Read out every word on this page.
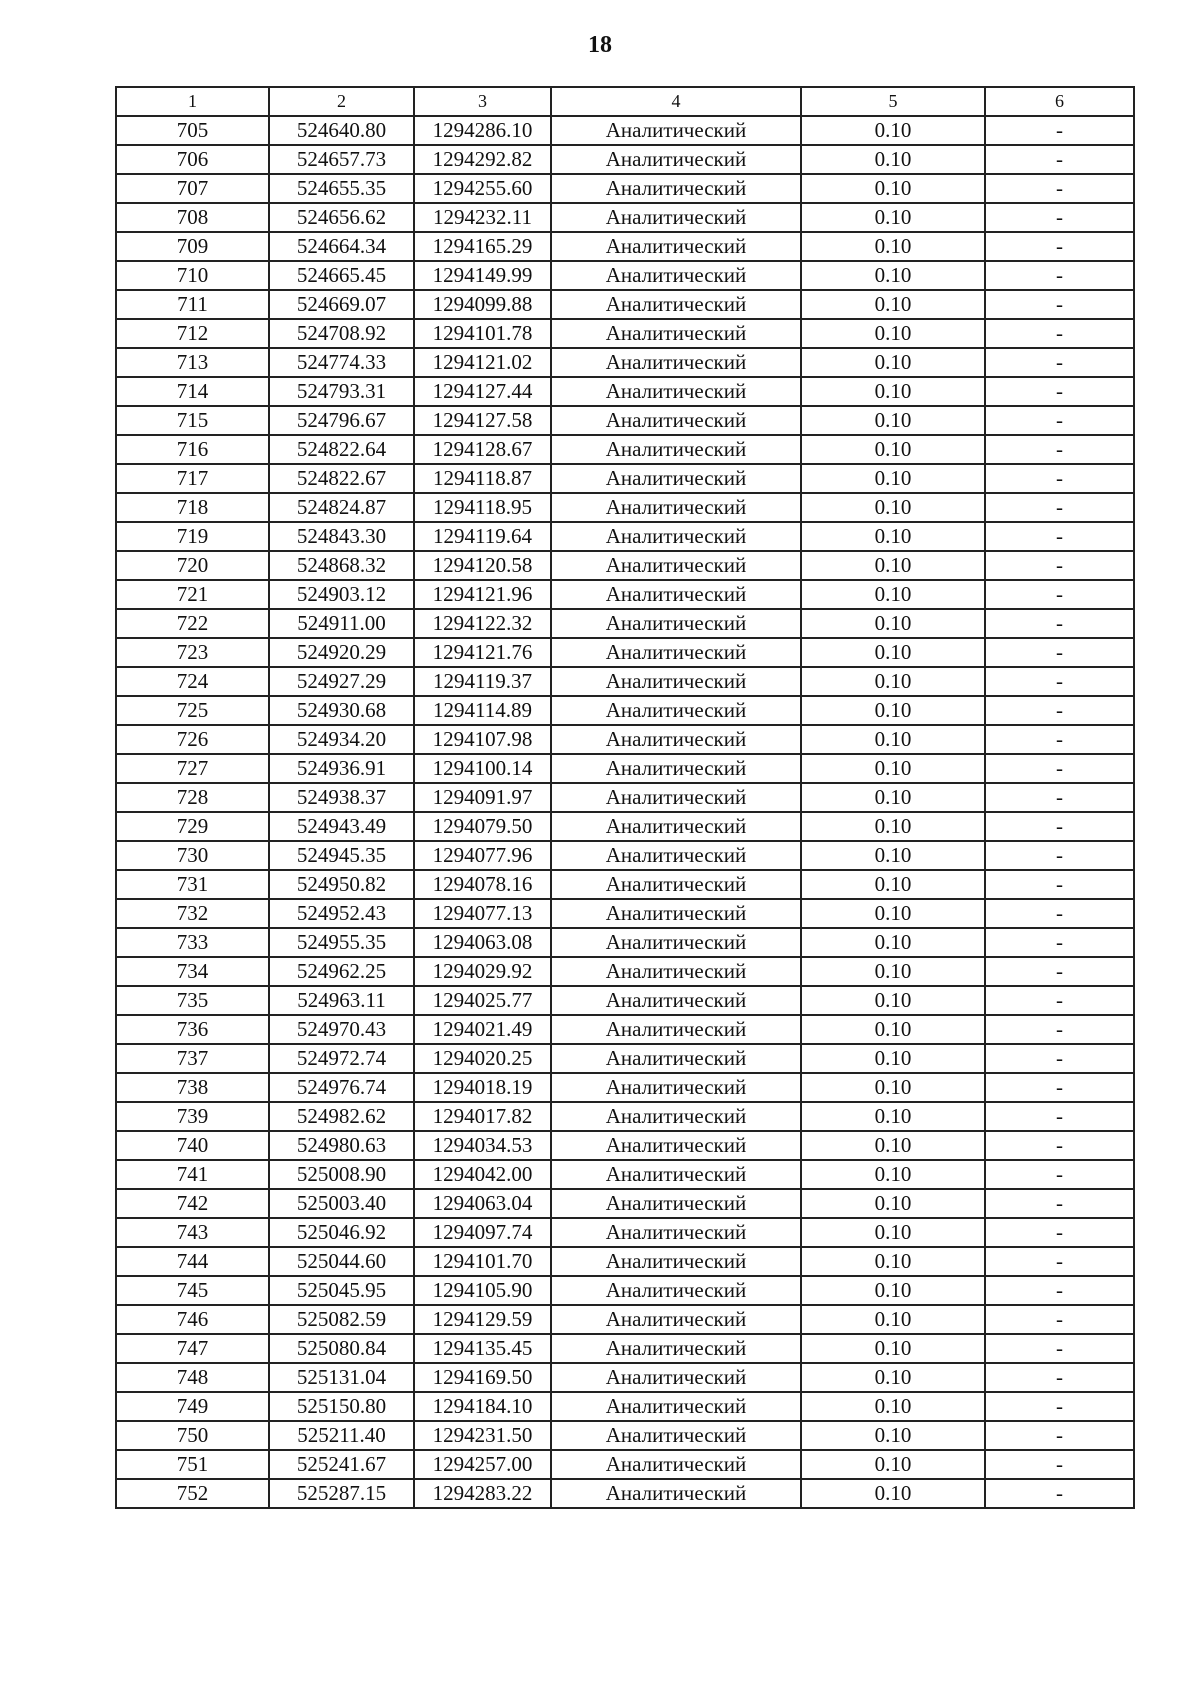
18
1	2	3	4	5	6
705	524640.80	1294286.10	Аналитический	0.10	-
706	524657.73	1294292.82	Аналитический	0.10	-
707	524655.35	1294255.60	Аналитический	0.10	-
708	524656.62	1294232.11	Аналитический	0.10	-
709	524664.34	1294165.29	Аналитический	0.10	-
710	524665.45	1294149.99	Аналитический	0.10	-
711	524669.07	1294099.88	Аналитический	0.10	-
712	524708.92	1294101.78	Аналитический	0.10	-
713	524774.33	1294121.02	Аналитический	0.10	-
714	524793.31	1294127.44	Аналитический	0.10	-
715	524796.67	1294127.58	Аналитический	0.10	-
716	524822.64	1294128.67	Аналитический	0.10	-
717	524822.67	1294118.87	Аналитический	0.10	-
718	524824.87	1294118.95	Аналитический	0.10	-
719	524843.30	1294119.64	Аналитический	0.10	-
720	524868.32	1294120.58	Аналитический	0.10	-
721	524903.12	1294121.96	Аналитический	0.10	-
722	524911.00	1294122.32	Аналитический	0.10	-
723	524920.29	1294121.76	Аналитический	0.10	-
724	524927.29	1294119.37	Аналитический	0.10	-
725	524930.68	1294114.89	Аналитический	0.10	-
726	524934.20	1294107.98	Аналитический	0.10	-
727	524936.91	1294100.14	Аналитический	0.10	-
728	524938.37	1294091.97	Аналитический	0.10	-
729	524943.49	1294079.50	Аналитический	0.10	-
730	524945.35	1294077.96	Аналитический	0.10	-
731	524950.82	1294078.16	Аналитический	0.10	-
732	524952.43	1294077.13	Аналитический	0.10	-
733	524955.35	1294063.08	Аналитический	0.10	-
734	524962.25	1294029.92	Аналитический	0.10	-
735	524963.11	1294025.77	Аналитический	0.10	-
736	524970.43	1294021.49	Аналитический	0.10	-
737	524972.74	1294020.25	Аналитический	0.10	-
738	524976.74	1294018.19	Аналитический	0.10	-
739	524982.62	1294017.82	Аналитический	0.10	-
740	524980.63	1294034.53	Аналитический	0.10	-
741	525008.90	1294042.00	Аналитический	0.10	-
742	525003.40	1294063.04	Аналитический	0.10	-
743	525046.92	1294097.74	Аналитический	0.10	-
744	525044.60	1294101.70	Аналитический	0.10	-
745	525045.95	1294105.90	Аналитический	0.10	-
746	525082.59	1294129.59	Аналитический	0.10	-
747	525080.84	1294135.45	Аналитический	0.10	-
748	525131.04	1294169.50	Аналитический	0.10	-
749	525150.80	1294184.10	Аналитический	0.10	-
750	525211.40	1294231.50	Аналитический	0.10	-
751	525241.67	1294257.00	Аналитический	0.10	-
752	525287.15	1294283.22	Аналитический	0.10	-
